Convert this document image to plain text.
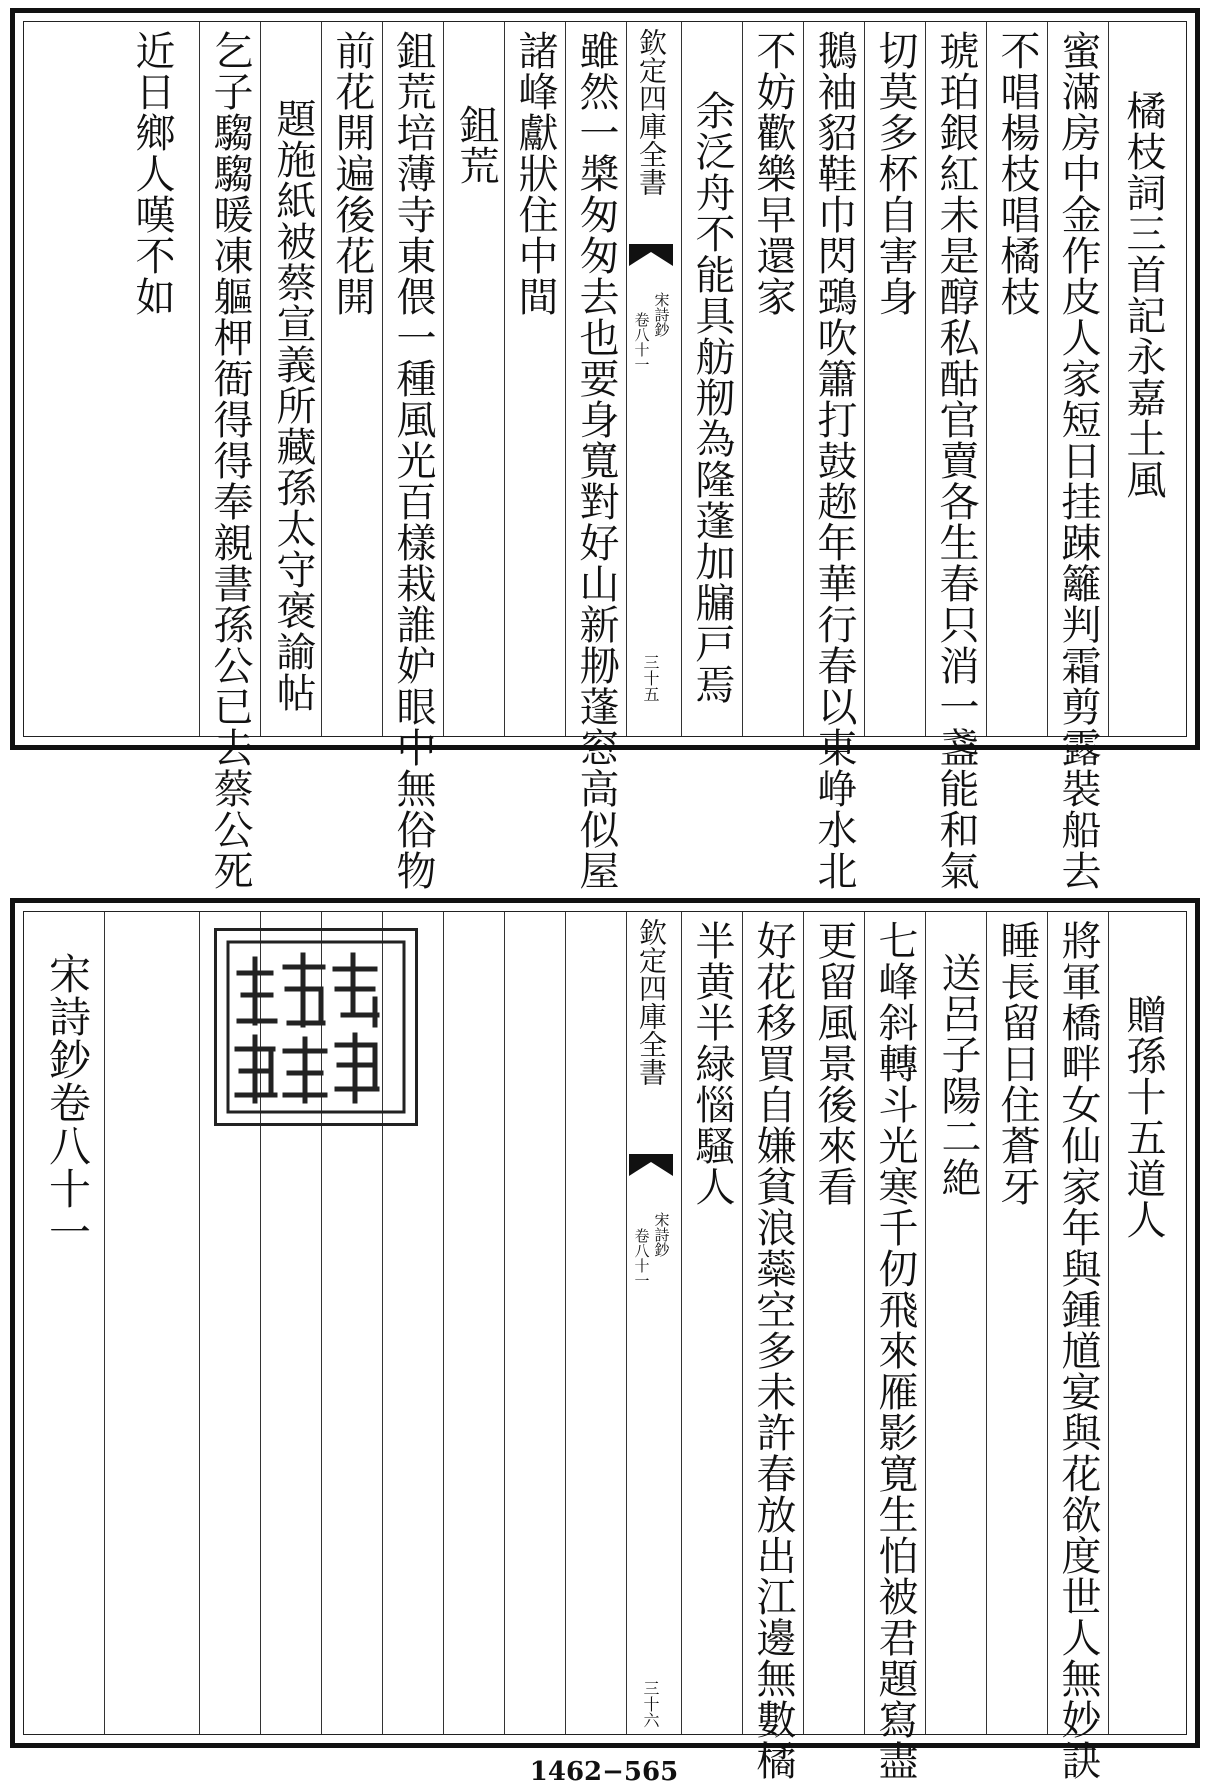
橘枝詞三首記永嘉土風
蜜滿房中金作皮人家短日挂踈籬判霜剪露裝船去
不唱楊枝唱橘枝
琥珀銀紅未是醇私酤官賣各生春只消一盞能和氣
切莫多杯自害身
鵝袖貂鞋巾閃鵶吹簫打鼓趂年華行春以東峥水北
不妨歡樂早還家
余泛舟不能具舫剏為隆蓬加牖戸焉
欽定四庫全書
宋詩鈔
卷八十一
三十五
雖然一槳匆匆去也要身寬對好山新刱蓬窓高似屋
諸峰獻狀住中間
鉏荒
鉏荒培薄寺東偎一種風光百樣栽誰妒眼中無俗物
前花開遍後花開
題施紙被蔡宣義所藏孫太守褒諭帖
乞子騶騶暖凍軀柙衙得得奉親書孫公已去蔡公死
近日鄉人嘆不如
贈孫十五道人
將軍橋畔女仙家年與鍾馗宴與花欲度世人無妙訣
睡長留日住蒼牙
送呂子陽二絶
七峰斜轉斗光寒千仞飛來雁影寛生怕被君題寫盡
更留風景後來看
好花移買自嫌貧浪蘂空多未許春放出江邊無數橘
半黄半緑惱騷人
欽定四庫全書
宋詩鈔
卷八十一
三十六
宋詩鈔卷八十一
1462−565
